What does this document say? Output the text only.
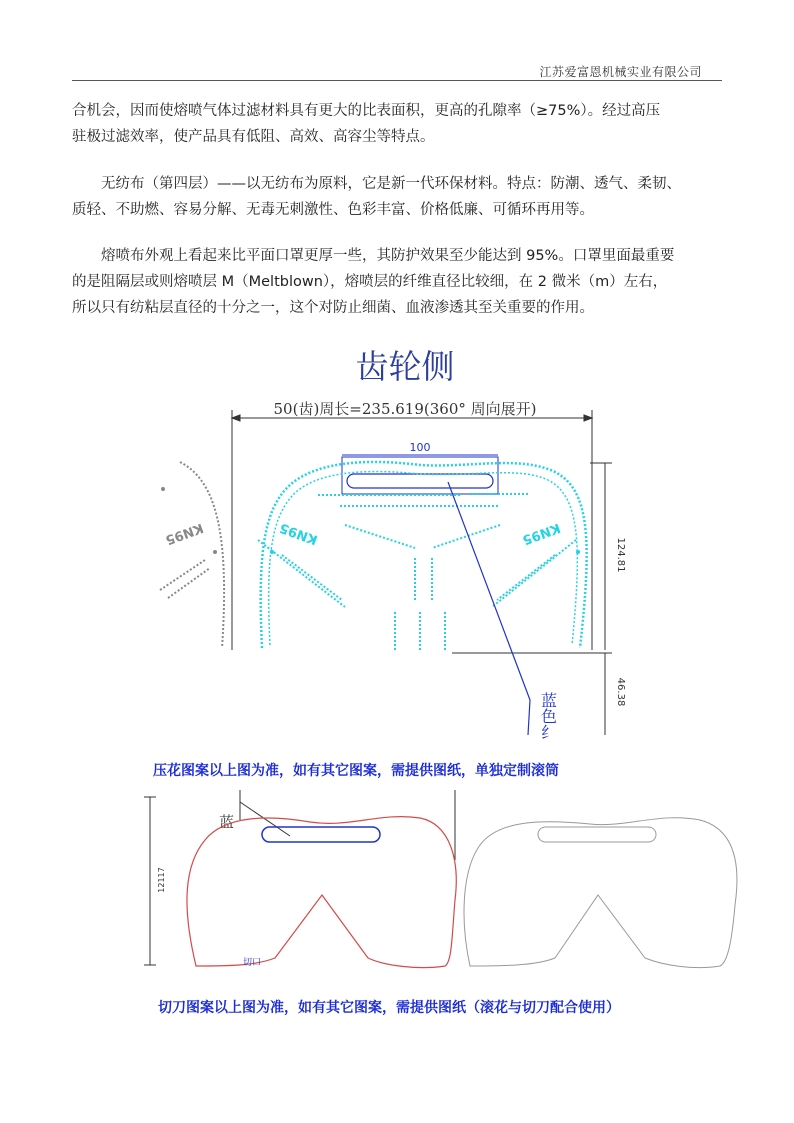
江苏爱富恩机械实业有限公司
合机会，因而使熔喷气体过滤材料具有更大的比表面积，更高的孔隙率（≥75%）。经过高压
驻极过滤效率，使产品具有低阻、高效、高容尘等特点。
无纺布（第四层）——以无纺布为原料，它是新一代环保材料。特点：防潮、透气、柔韧、
质轻、不助燃、容易分解、无毒无刺激性、色彩丰富、价格低廉、可循环再用等。
熔喷布外观上看起来比平面口罩更厚一些，其防护效果至少能达到 95%。口罩里面最重要
的是阻隔层或则熔喷层 M（Meltblown），熔喷层的纤维直径比较细，在 2 微米（m）左右，
所以只有纺粘层直径的十分之一，这个对防止细菌、血液渗透其至关重要的作用。
齿轮侧
50(齿)周长=235.619(360° 周向展开)
100
KN95	KN95
KN95
124.81
46.38
蓝色纟
压花图案以上图为准，如有其它图案，需提供图纸，单独定制滚筒
12117
蓝
切口
切刀图案以上图为准，如有其它图案，需提供图纸（滚花与切刀配合使用）
